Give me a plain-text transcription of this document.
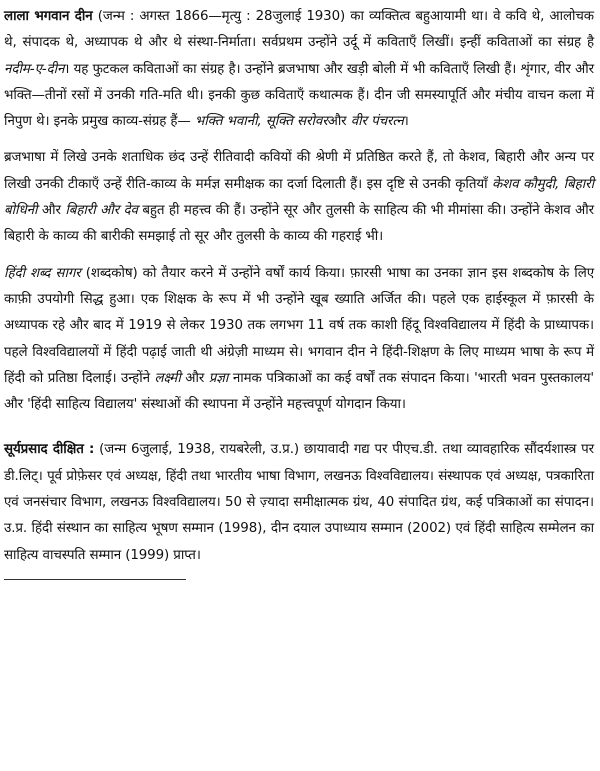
लाला भगवान दीन (जन्म : अगस्त 1866—मृत्यु : 28जुलाई 1930) का व्यक्तित्व बहुआयामी था। वे कवि थे, आलोचक थे, संपादक थे, अध्यापक थे और थे संस्था-निर्माता। सर्वप्रथम उन्होंने उर्दू में कविताएँ लिखीं। इन्हीं कविताओं का संग्रह है नदीम-ए-दीन। यह फुटकल कविताओं का संग्रह है। उन्होंने ब्रजभाषा और खड़ी बोली में भी कविताएँ लिखी हैं। शृंगार, वीर और भक्ति—तीनों रसों में उनकी गति-मति थी। इनकी कुछ कविताएँ कथात्मक हैं। दीन जी समस्यापूर्ति और मंचीय वाचन कला में निपुण थे। इनके प्रमुख काव्य-संग्रह हैं— भक्ति भवानी, सूक्ति सरोवरऔर वीर पंचरत्न।

ब्रजभाषा में लिखे उनके शताधिक छंद उन्हें रीतिवादी कवियों की श्रेणी में प्रतिष्ठित करते हैं, तो केशव, बिहारी और अन्य पर लिखी उनकी टीकाएँ उन्हें रीति-काव्य के मर्मज्ञ समीक्षक का दर्जा दिलाती हैं। इस दृष्टि से उनकी कृतियाँ केशव कौमुदी, बिहारी बोधिनी और बिहारी और देव बहुत ही महत्त्व की हैं। उन्होंने सूर और तुलसी के साहित्य की भी मीमांसा की। उन्होंने केशव और बिहारी के काव्य की बारीकी समझाई तो सूर और तुलसी के काव्य की गहराई भी।

हिंदी शब्द सागर (शब्दकोष) को तैयार करने में उन्होंने वर्षों कार्य किया। फ़ारसी भाषा का उनका ज्ञान इस शब्दकोष के लिए काफ़ी उपयोगी सिद्ध हुआ। एक शिक्षक के रूप में भी उन्होंने खूब ख्याति अर्जित की। पहले एक हाईस्कूल में फ़ारसी के अध्यापक रहे और बाद में 1919 से लेकर 1930 तक लगभग 11 वर्ष तक काशी हिंदू विश्वविद्यालय में हिंदी के प्राध्यापक। पहले विश्वविद्यालयों में हिंदी पढ़ाई जाती थी अंग्रेज़ी माध्यम से। भगवान दीन ने हिंदी-शिक्षण के लिए माध्यम भाषा के रूप में हिंदी को प्रतिष्ठा दिलाई। उन्होंने लक्ष्मी और प्रज्ञा नामक पत्रिकाओं का कई वर्षों तक संपादन किया। 'भारती भवन पुस्तकालय' और 'हिंदी साहित्य विद्यालय' संस्थाओं की स्थापना में उन्होंने महत्त्वपूर्ण योगदान किया।

सूर्यप्रसाद दीक्षित : (जन्म 6जुलाई, 1938, रायबरेली, उ.प्र.) छायावादी गद्य पर पीएच.डी. तथा व्यावहारिक सौंदर्यशास्त्र पर डी.लिट्। पूर्व प्रोफ़ेसर एवं अध्यक्ष, हिंदी तथा भारतीय भाषा विभाग, लखनऊ विश्वविद्यालय। संस्थापक एवं अध्यक्ष, पत्रकारिता एवं जनसंचार विभाग, लखनऊ विश्वविद्यालय। 50 से ज़्यादा समीक्षात्मक ग्रंथ, 40 संपादित ग्रंथ, कई पत्रिकाओं का संपादन। उ.प्र. हिंदी संस्थान का साहित्य भूषण सम्मान (1998), दीन दयाल उपाध्याय सम्मान (2002) एवं हिंदी साहित्य सम्मेलन का साहित्य वाचस्पति सम्मान (1999) प्राप्त।
